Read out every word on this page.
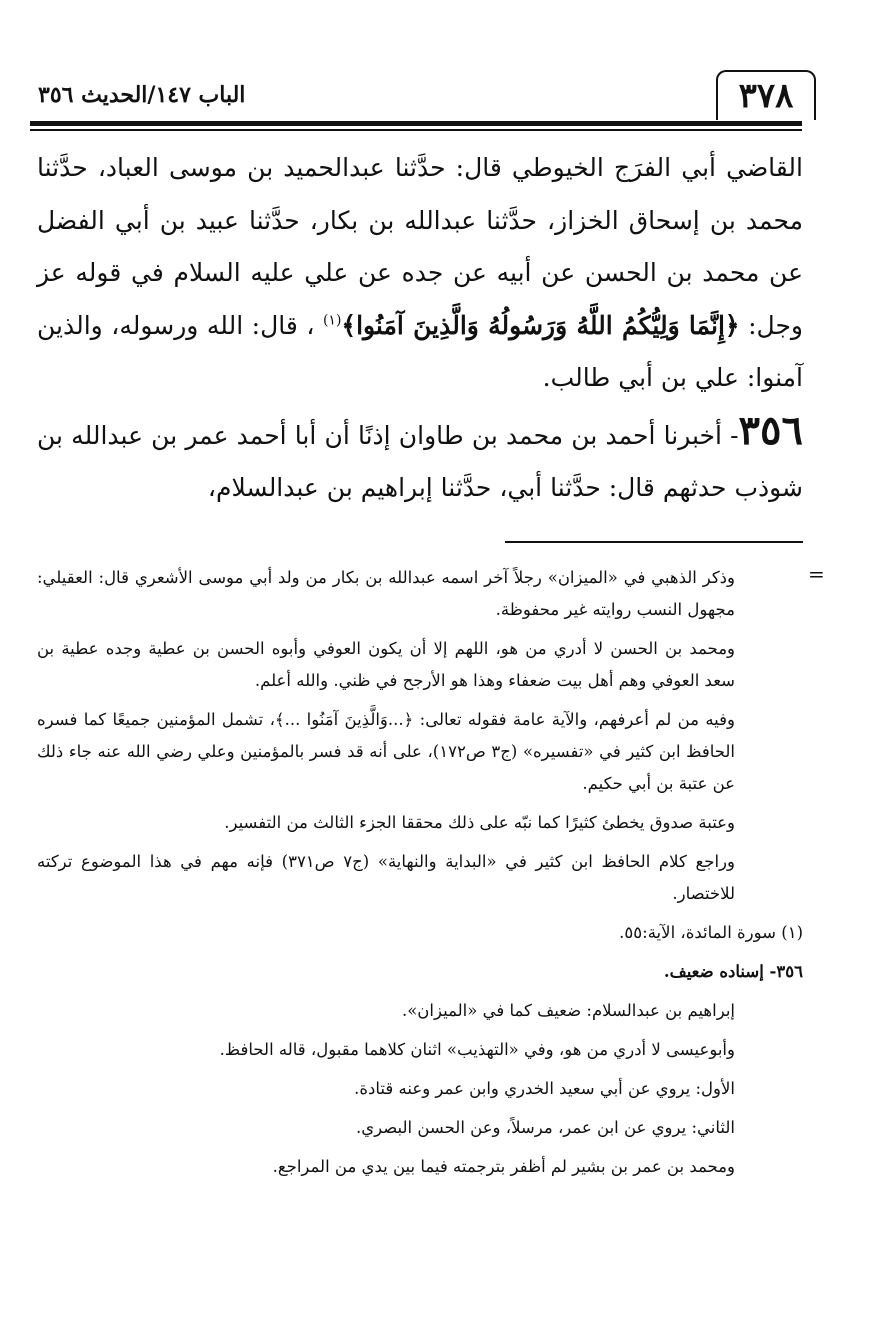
٣٧٨
الباب ١٤٧/الحديث ٣٥٦

القاضي أبي الفرَج الخيوطي قال: حدَّثنا عبدالحميد بن موسى العباد، حدَّثنا محمد بن إسحاق الخزاز، حدَّثنا عبدالله بن بكار، حدَّثنا عبيد بن أبي الفضل عن محمد بن الحسن عن أبيه عن جده عن علي عليه السلام في قوله عز وجل: ﴿إِنَّمَا وَلِيُّكُمُ اللَّهُ وَرَسُولُهُ وَالَّذِينَ آمَنُوا﴾$^{(١)}$ ، قال: الله ورسوله، والذين آمنوا: علي بن أبي طالب.

٣٥٦- أخبرنا أحمد بن محمد بن طاوان إذنًا أن أبا أحمد عمر بن عبدالله بن شوذب حدثهم قال: حدَّثنا أبي، حدَّثنا إبراهيم بن عبدالسلام،

=

وذكر الذهبي في «الميزان» رجلاً آخر اسمه عبدالله بن بكار من ولد أبي موسى الأشعري قال: العقيلي: مجهول النسب روايته غير محفوظة.

ومحمد بن الحسن لا أدري من هو، اللهم إلا أن يكون العوفي وأبوه الحسن بن عطية وجده عطية بن سعد العوفي وهم أهل بيت ضعفاء وهذا هو الأرجح في ظني. والله أعلم.

وفيه من لم أعرفهم، والآية عامة فقوله تعالى: ﴿...وَالَّذِينَ آمَنُوا ...﴾، تشمل المؤمنين جميعًا كما فسره الحافظ ابن كثير في «تفسيره» (ج٣ ص١٧٢)، على أنه قد فسر بالمؤمنين وعلي رضي الله عنه جاء ذلك عن عتبة بن أبي حكيم.

وعتبة صدوق يخطئ كثيرًا كما نبّه على ذلك محققا الجزء الثالث من التفسير.

وراجع كلام الحافظ ابن كثير في «البداية والنهاية» (ج٧ ص٣٧١) فإنه مهم في هذا الموضوع تركته للاختصار.

(١) سورة المائدة، الآية:٥٥.

٣٥٦- إسناده ضعيف.

إبراهيم بن عبدالسلام: ضعيف كما في «الميزان».

وأبوعيسى لا أدري من هو، وفي «التهذيب» اثنان كلاهما مقبول، قاله الحافظ.

الأول: يروي عن أبي سعيد الخدري وابن عمر وعنه قتادة.

الثاني: يروي عن ابن عمر، مرسلاً، وعن الحسن البصري.

ومحمد بن عمر بن بشير لم أظفر بترجمته فيما بين يدي من المراجع.
